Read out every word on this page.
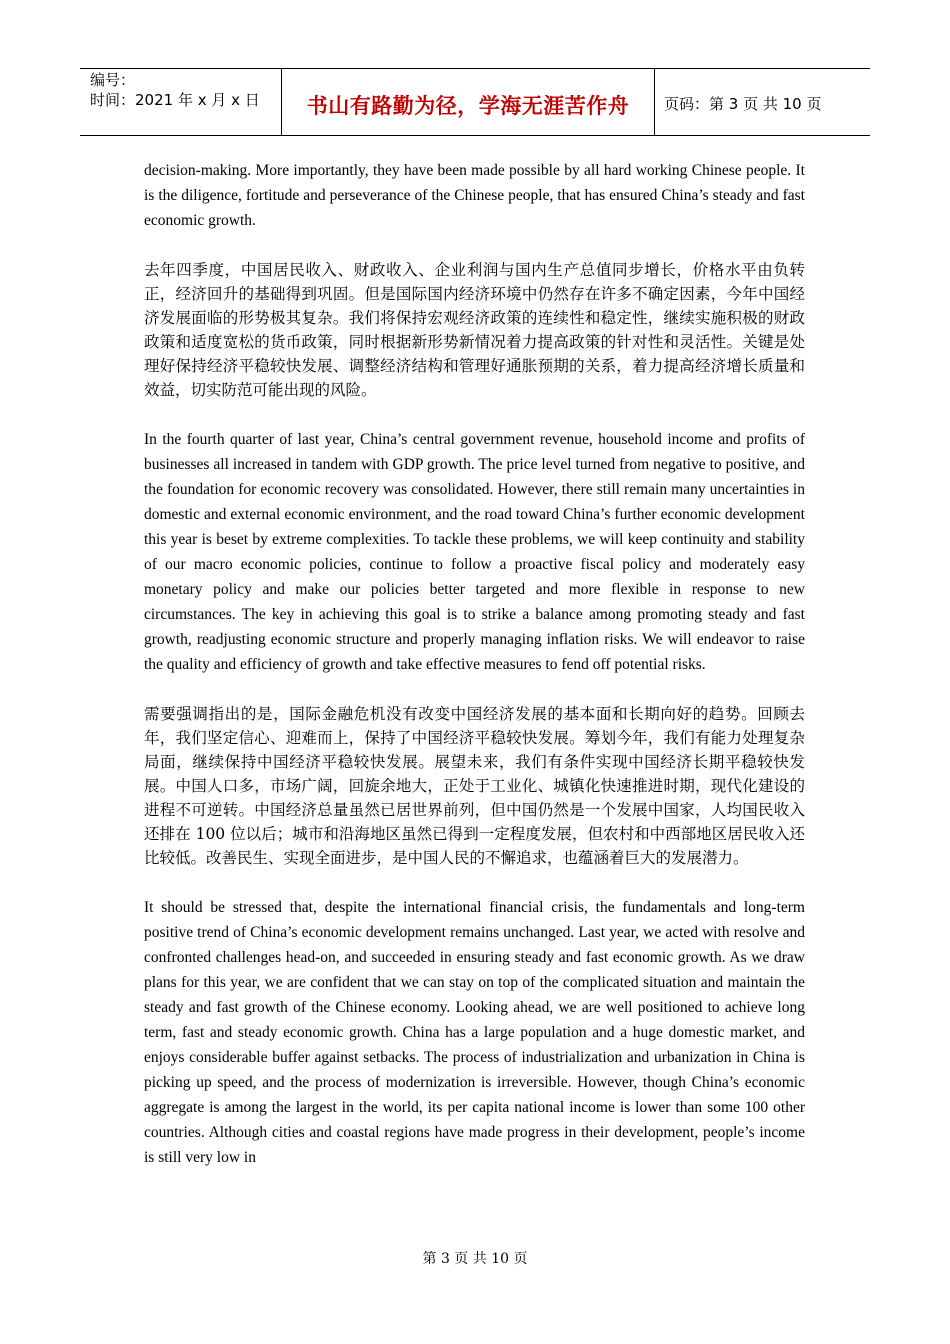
编号：
时间：2021 年 x 月 x 日	书山有路勤为径，学海无涯苦作舟	页码：第 3 页 共 10 页

decision-making. More importantly, they have been made possible by all hard working Chinese people. It is the diligence, fortitude and perseverance of the Chinese people, that has ensured China’s steady and fast economic growth.

去年四季度，中国居民收入、财政收入、企业利润与国内生产总值同步增长，价格水平由负转正，经济回升的基础得到巩固。但是国际国内经济环境中仍然存在许多不确定因素，今年中国经济发展面临的形势极其复杂。我们将保持宏观经济政策的连续性和稳定性，继续实施积极的财政政策和适度宽松的货币政策，同时根据新形势新情况着力提高政策的针对性和灵活性。关键是处理好保持经济平稳较快发展、调整经济结构和管理好通胀预期的关系，着力提高经济增长质量和效益，切实防范可能出现的风险。

In the fourth quarter of last year, China’s central government revenue, household income and profits of businesses all increased in tandem with GDP growth. The price level turned from negative to positive, and the foundation for economic recovery was consolidated. However, there still remain many uncertainties in domestic and external economic environment, and the road toward China’s further economic development this year is beset by extreme complexities. To tackle these problems, we will keep continuity and stability of our macro economic policies, continue to follow a proactive fiscal policy and moderately easy monetary policy and make our policies better targeted and more flexible in response to new circumstances. The key in achieving this goal is to strike a balance among promoting steady and fast growth, readjusting economic structure and properly managing inflation risks. We will endeavor to raise the quality and efficiency of growth and take effective measures to fend off potential risks.

需要强调指出的是，国际金融危机没有改变中国经济发展的基本面和长期向好的趋势。回顾去年，我们坚定信心、迎难而上，保持了中国经济平稳较快发展。筹划今年，我们有能力处理复杂局面，继续保持中国经济平稳较快发展。展望未来，我们有条件实现中国经济长期平稳较快发展。中国人口多，市场广阔，回旋余地大，正处于工业化、城镇化快速推进时期，现代化建设的进程不可逆转。中国经济总量虽然已居世界前列，但中国仍然是一个发展中国家，人均国民收入还排在 100 位以后；城市和沿海地区虽然已得到一定程度发展，但农村和中西部地区居民收入还比较低。改善民生、实现全面进步，是中国人民的不懈追求，也蕴涵着巨大的发展潜力。

It should be stressed that, despite the international financial crisis, the fundamentals and long-term positive trend of China’s economic development remains unchanged. Last year, we acted with resolve and confronted challenges head-on, and succeeded in ensuring steady and fast economic growth. As we draw plans for this year, we are confident that we can stay on top of the complicated situation and maintain the steady and fast growth of the Chinese economy. Looking ahead, we are well positioned to achieve long term, fast and steady economic growth. China has a large population and a huge domestic market, and enjoys considerable buffer against setbacks. The process of industrialization and urbanization in China is picking up speed, and the process of modernization is irreversible. However, though China’s economic aggregate is among the largest in the world, its per capita national income is lower than some 100 other countries. Although cities and coastal regions have made progress in their development, people’s income is still very low in

第 3 页 共 10 页
